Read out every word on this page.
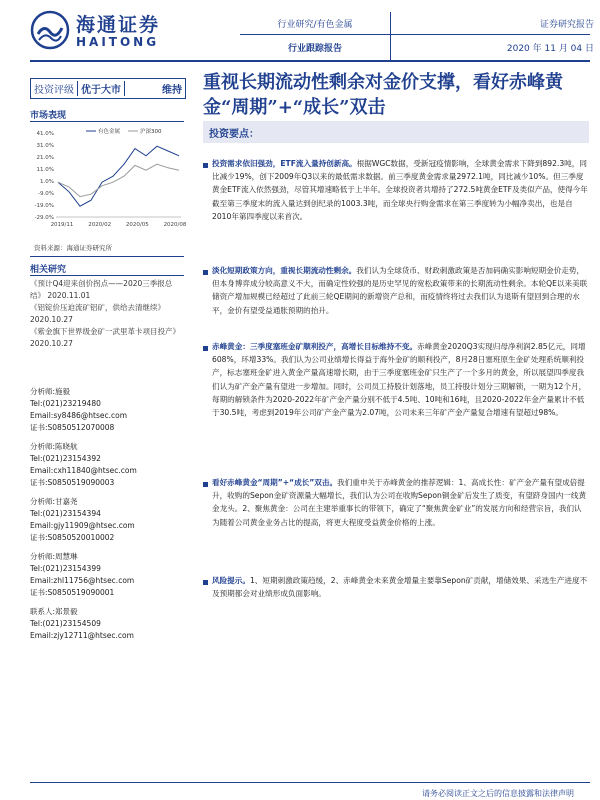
海通证券
HAITONG
行业研究/有色金属	证券研究报告
行业跟踪报告	2020 年 11 月 04 日
重视长期流动性剩余对金价支撑，看好赤峰黄金“周期”+“成长”双击
投资评级 优于大市	维持
市场表现
41.0%
31.0%
21.0%
11.0%
1.0%
-9.0%
-19.0%
-29.0%
2019/11	2020/02	2020/05	2020/08
有色金属	沪深300
资料来源：海通证券研究所
相关研究
《预计Q4迎来创价拐点——2020三季报总结》 2020.11.01
《铝锭价压迫流矿铝矿，供给去清继续》 2020.10.27
《紫金旗下世界级金矿一武里革卡项目投产》 2020.10.27
分析师:施毅
Tel:(021)23219480
Email:sy8486@htsec.com
证书:S0850512070008
分析师:陈晓航
Tel:(021)23154392
Email:cxh11840@htsec.com
证书:S0850519090003
分析师:甘嘉尧
Tel:(021)23154394
Email:gjy11909@htsec.com
证书:S0850520010002
分析师:周慧琳
Tel:(021)23154399
Email:zhl11756@htsec.com
证书:S0850519090001
联系人:郑景毅
Tel:(021)23154509
Email:zjy12711@htsec.com
投资要点：
投资需求依旧强劲，ETF流入量持创新高。根据WGC数据，受新冠疫情影响，全球黄金需求下降到892.3吨，同比减少19%，创下2009年Q3以来的最低需求数据。前三季度黄金需求量2972.1吨，同比减少10%。但三季度黄金ETF流入依然强劲，尽管其增速略低于上半年。全球投资者共增持了272.5吨黄金ETF及类似产品，使得今年截至第三季度末的流入量达到创纪录的1003.3吨，而全球央行购金需求在第三季度转为小幅净卖出，也是自2010年第四季度以来首次。
淡化短期政策方向，重视长期流动性剩余。我们认为全球货币、财政刺激政策是否加码确实影响短期金价走势，但本身博弈成分较高意义不大，而确定性较强的是历史罕见的宽松政策带来的长期流动性剩余。本轮QE以来美联储资产增加规模已经超过了此前三轮QE期间的新增资产总和，而疫情终将过去我们认为退斯有望回到合理的水平，金价有望受益通胀预期的抬升。
赤峰黄金：三季度塞班金矿顺利投产，高增长目标维持不变。赤峰黄金2020Q3实现归母净利润2.85亿元，同增608%，环增33%。我们认为公司业绩增长得益于海外金矿的顺利投产，8月28日塞班原生金矿处理系统顺利投产，标志塞班金矿进入黄金产量高速增长期，由于三季度塞班金矿只生产了一个多月的黄金，所以展望四季度我们认为矿产金产量有望进一步增加。同时，公司员工持股计划落地，员工持股计划分三期解锁，一期为12个月，每期的解锁条件为2020-2022年矿产金产量分别不低于4.5吨、10吨和16吨，且2020-2022年金产量累计不低于30.5吨，考虑到2019年公司矿产金产量为2.07吨，公司未来三年矿产金产量复合增速有望超过98%。
看好赤峰黄金“周期”+“成长”双击。我们重申关于赤峰黄金的推荐逻辑：1、高成长性：矿产金产量有望成倍提升，收购的Sepon金矿资源量大幅增长，我们认为公司在收购Sepon铜金矿后发生了质变，有望跻身国内一线黄金龙头。2、聚焦黄金：公司在主建举重事长的带领下，确定了“聚焦黄金矿业”的发展方向和经营宗旨，我们认为随着公司黄金业务占比的提高，将更大程度受益黄金价格的上涨。
风险提示。1、短期刺激政策趋缓，2、赤峰黄金未来黄金增量主要靠Sepon矿贡献，增储效果、采选生产进度不及预期都会对业绩形成负面影响。
请务必阅读正文之后的信息披露和法律声明
